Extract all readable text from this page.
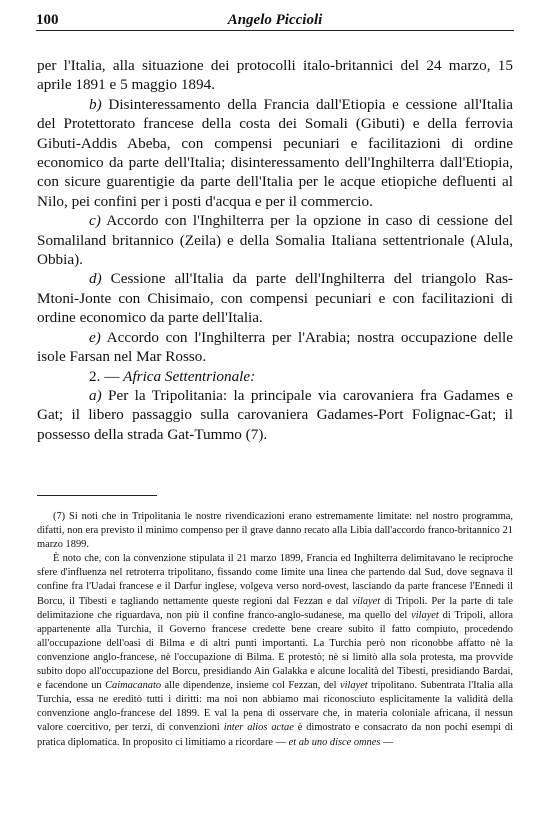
100	Angelo Piccioli

per l'Italia, alla situazione dei protocolli italo-britannici del 24 marzo, 15 aprile 1891 e 5 maggio 1894.

b) Disinteressamento della Francia dall'Etiopia e cessione all'Italia del Protettorato francese della costa dei Somali (Gibuti) e della ferrovia Gibuti-Addis Abeba, con compensi pecuniari e facilitazioni di ordine economico da parte dell'Italia; disinteressamento dell'Inghilterra dall'Etiopia, con sicure guarentigie da parte dell'Italia per le acque etiopiche defluenti al Nilo, pei confini per i posti d'acqua e per il commercio.

c) Accordo con l'Inghilterra per la opzione in caso di cessione del Somaliland britannico (Zeila) e della Somalia Italiana settentrionale (Alula, Obbia).

d) Cessione all'Italia da parte dell'Inghilterra del triangolo Ras-Mtoni-Jonte con Chisimaio, con compensi pecuniari e con facilitazioni di ordine economico da parte dell'Italia.

e) Accordo con l'Inghilterra per l'Arabia; nostra occupazione delle isole Farsan nel Mar Rosso.

2. — Africa Settentrionale:

a) Per la Tripolitania: la principale via carovaniera fra Gadames e Gat; il libero passaggio sulla carovaniera Gadames-Port Folignac-Gat; il possesso della strada Gat-Tummo (7).

(7) Si noti che in Tripolitania le nostre rivendicazioni erano estremamente limitate: nel nostro programma, difatti, non era previsto il minimo compenso per il grave danno recato alla Libia dall'accordo franco-britannico 21 marzo 1899.

È noto che, con la convenzione stipulata il 21 marzo 1899, Francia ed Inghilterra delimitavano le reciproche sfere d'influenza nel retroterra tripolitano, fissando come limite una linea che partendo dal Sud, dove segnava il confine fra l'Uadai francese e il Darfur inglese, volgeva verso nord-ovest, lasciando da parte francese l'Ennedi il Borcu, il Tibesti e tagliando nettamente queste regioni dal Fezzan e dal vilayet di Tripoli. Per la parte di tale delimitazione che riguardava, non più il confine franco-anglo-sudanese, ma quello del vilayet di Tripoli, allora appartenente alla Turchia, il Governo francese credette bene creare subito il fatto compiuto, procedendo all'occupazione dell'oasi di Bilma e di altri punti importanti. La Turchia però non riconobbe affatto nè la convenzione anglo-francese, nè l'occupazione di Bilma. E protestò; nè si limitò alla sola protesta, ma provvide subito dopo all'occupazione del Borcu, presidiando Ain Galakka e alcune località del Tibesti, presidiando Bardai, e facendone un Caimacanato alle dipendenze, insieme col Fezzan, del vilayet tripolitano. Subentrata l'Italia alla Turchia, essa ne ereditò tutti i diritti: ma noi non abbiamo mai riconosciuto esplicitamente la validità della convenzione anglo-francese del 1899. E val la pena di osservare che, in materia coloniale africana, il nessun valore coercitivo, per terzi, di convenzioni inter alios actae è dimostrato e consacrato da non pochi esempi di pratica diplomatica. In proposito ci limitiamo a ricordare — et ab uno disce omnes —
